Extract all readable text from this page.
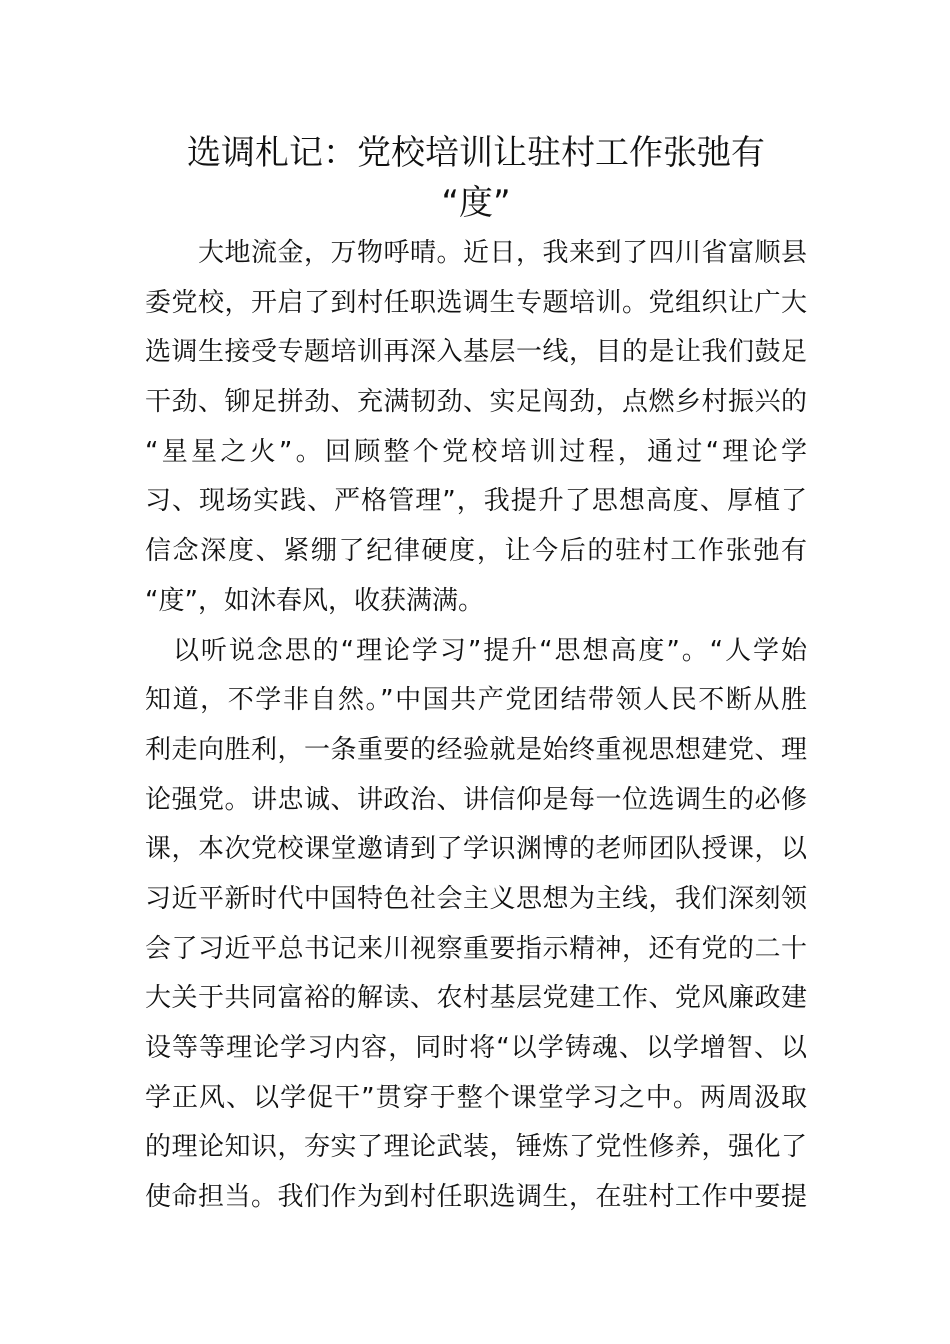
选调札记：党校培训让驻村工作张弛有
“度”
　　大地流金，万物呼晴。近日，我来到了四川省富顺县
委党校，开启了到村任职选调生专题培训。党组织让广大
选调生接受专题培训再深入基层一线，目的是让我们鼓足
干劲、铆足拼劲、充满韧劲、实足闯劲，点燃乡村振兴的
“星星之火”。回顾整个党校培训过程，通过“理论学
习、现场实践、严格管理”，我提升了思想高度、厚植了
信念深度、紧绷了纪律硬度，让今后的驻村工作张弛有
“度”，如沐春风，收获满满。
　以听说念思的“理论学习”提升“思想高度”。“人学始
知道，不学非自然。”中国共产党团结带领人民不断从胜
利走向胜利，一条重要的经验就是始终重视思想建党、理
论强党。讲忠诚、讲政治、讲信仰是每一位选调生的必修
课，本次党校课堂邀请到了学识渊博的老师团队授课，以
习近平新时代中国特色社会主义思想为主线，我们深刻领
会了习近平总书记来川视察重要指示精神，还有党的二十
大关于共同富裕的解读、农村基层党建工作、党风廉政建
设等等理论学习内容，同时将“以学铸魂、以学增智、以
学正风、以学促干”贯穿于整个课堂学习之中。两周汲取
的理论知识，夯实了理论武装，锤炼了党性修养，强化了
使命担当。我们作为到村任职选调生，在驻村工作中要提
